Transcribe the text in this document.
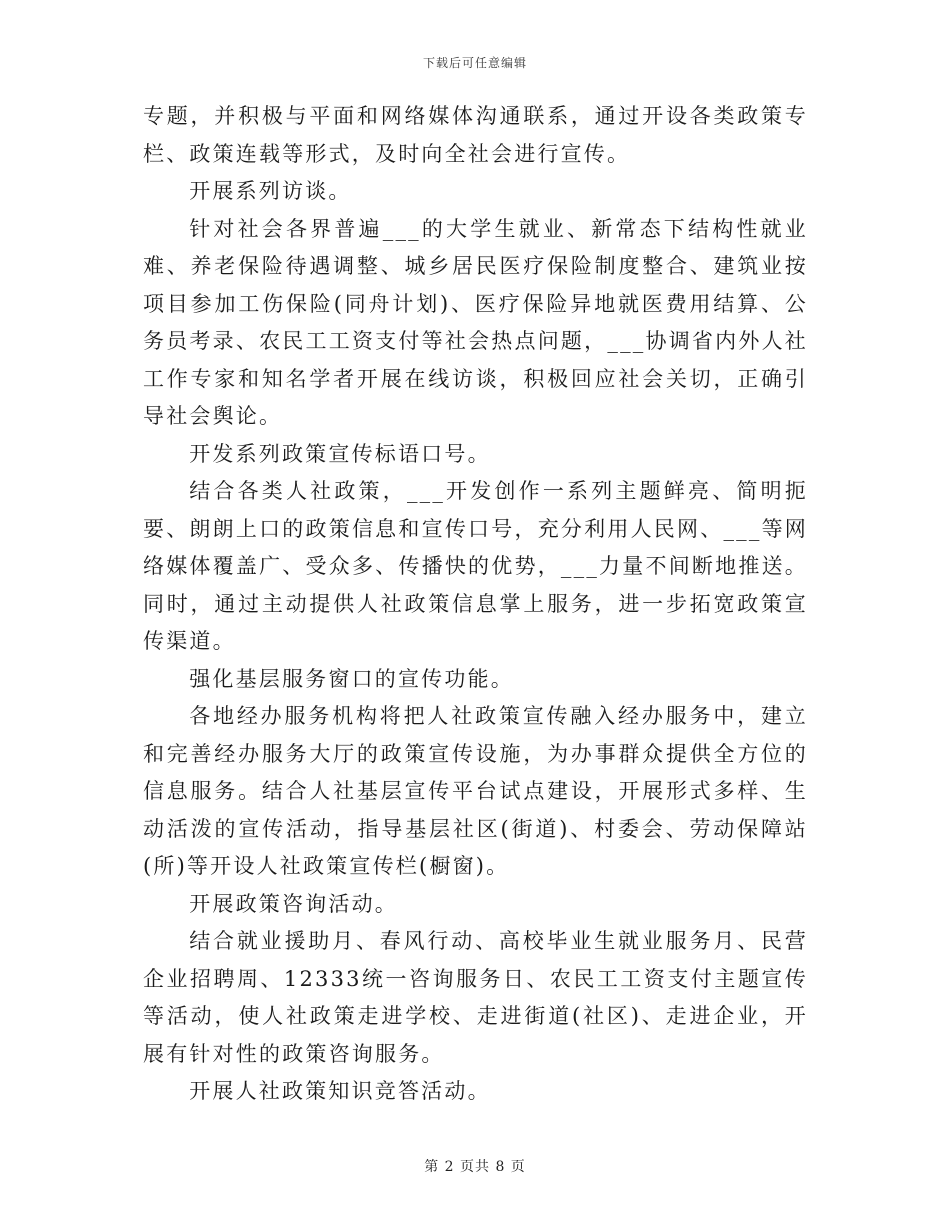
下载后可任意编辑

专题，并积极与平面和网络媒体沟通联系，通过开设各类政策专栏、政策连载等形式，及时向全社会进行宣传。

开展系列访谈。

针对社会各界普遍___的大学生就业、新常态下结构性就业难、养老保险待遇调整、城乡居民医疗保险制度整合、建筑业按项目参加工伤保险(同舟计划)、医疗保险异地就医费用结算、公务员考录、农民工工资支付等社会热点问题，___协调省内外人社工作专家和知名学者开展在线访谈，积极回应社会关切，正确引导社会舆论。

开发系列政策宣传标语口号。

结合各类人社政策，___开发创作一系列主题鲜亮、简明扼要、朗朗上口的政策信息和宣传口号，充分利用人民网、___等网络媒体覆盖广、受众多、传播快的优势，___力量不间断地推送。同时，通过主动提供人社政策信息掌上服务，进一步拓宽政策宣传渠道。

强化基层服务窗口的宣传功能。

各地经办服务机构将把人社政策宣传融入经办服务中，建立和完善经办服务大厅的政策宣传设施，为办事群众提供全方位的信息服务。结合人社基层宣传平台试点建设，开展形式多样、生动活泼的宣传活动，指导基层社区(街道)、村委会、劳动保障站(所)等开设人社政策宣传栏(橱窗)。

开展政策咨询活动。

结合就业援助月、春风行动、高校毕业生就业服务月、民营企业招聘周、12333统一咨询服务日、农民工工资支付主题宣传等活动，使人社政策走进学校、走进街道(社区)、走进企业，开展有针对性的政策咨询服务。

开展人社政策知识竞答活动。

第 2 页共 8 页
